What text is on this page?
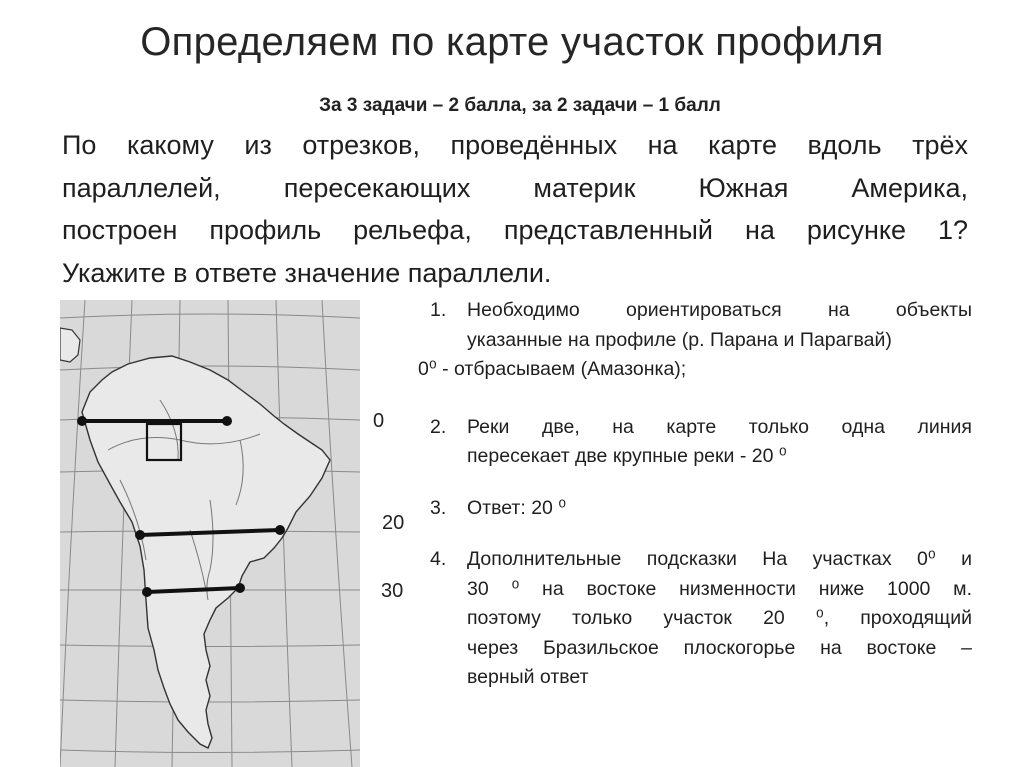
Определяем по карте участок профиля
За 3 задачи – 2 балла, за 2 задачи – 1 балл
По какому из отрезков, проведённых на карте вдоль трёх
параллелей, пересекающих материк Южная Америка,
построен профиль рельефа, представленный на рисунке 1?
Укажите в ответе значение параллели.
0
20
30
1.	Необходимо ориентироваться на объекты
указанные на профиле (р. Парана и Парагвай)
0⁰ - отбрасываем (Амазонка);
2.	Реки две, на карте только одна линия
пересекает две крупные реки - 20 ⁰
3.	Ответ: 20 ⁰
4.	Дополнительные подсказки На участках 0⁰ и
30 ⁰ на востоке низменности ниже 1000 м.
поэтому только участок 20 ⁰, проходящий
через Бразильское плоскогорье на востоке –
верный ответ
